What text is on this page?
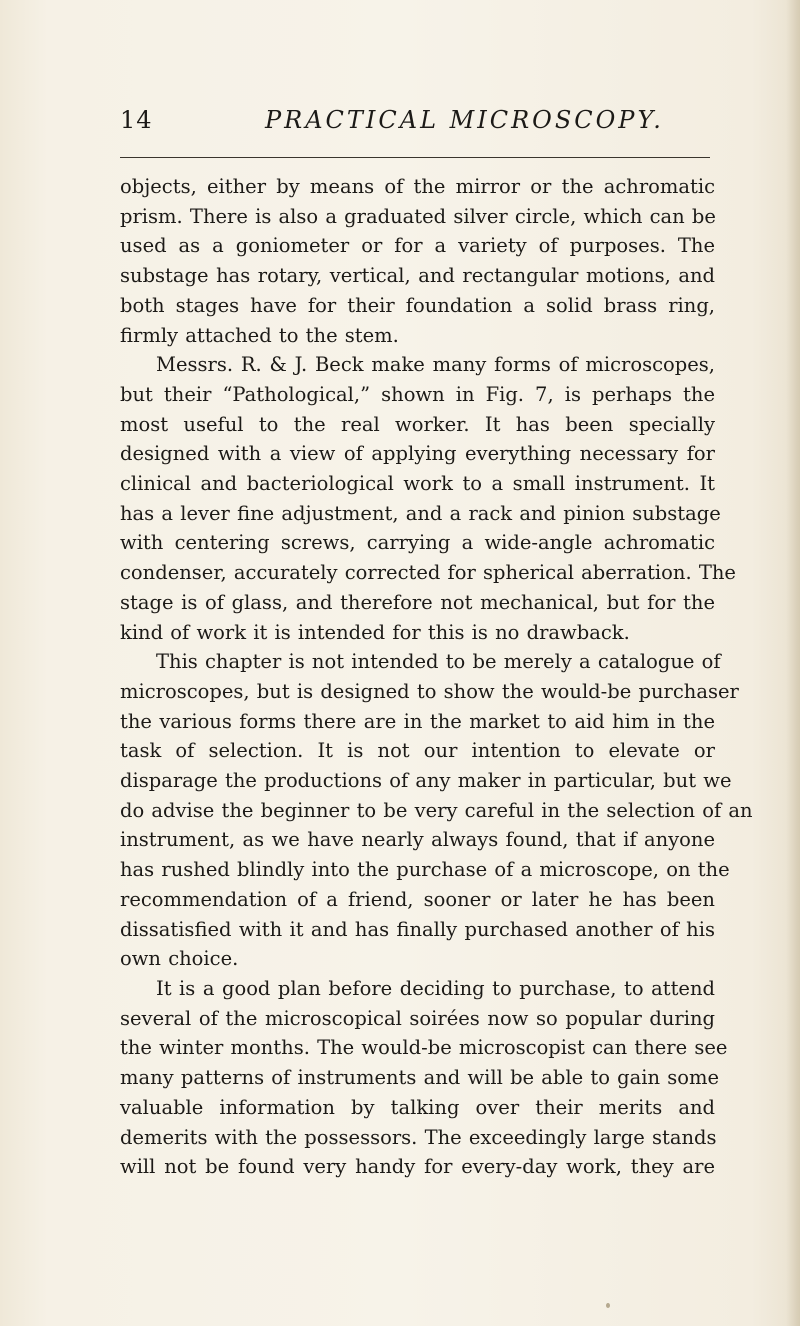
14	PRACTICAL MICROSCOPY.

objects, either by means of the mirror or the achromatic
prism. There is also a graduated silver circle, which can be
used as a goniometer or for a variety of purposes. The
substage has rotary, vertical, and rectangular motions, and
both stages have for their foundation a solid brass ring,
firmly attached to the stem.

Messrs. R. & J. Beck make many forms of microscopes,
but their “Pathological,” shown in Fig. 7, is perhaps the
most useful to the real worker. It has been specially
designed with a view of applying everything necessary for
clinical and bacteriological work to a small instrument. It
has a lever fine adjustment, and a rack and pinion substage
with centering screws, carrying a wide-angle achromatic
condenser, accurately corrected for spherical aberration. The
stage is of glass, and therefore not mechanical, but for the
kind of work it is intended for this is no drawback.

This chapter is not intended to be merely a catalogue of
microscopes, but is designed to show the would-be purchaser
the various forms there are in the market to aid him in the
task of selection. It is not our intention to elevate or
disparage the productions of any maker in particular, but we
do advise the beginner to be very careful in the selection of an
instrument, as we have nearly always found, that if anyone
has rushed blindly into the purchase of a microscope, on the
recommendation of a friend, sooner or later he has been
dissatisfied with it and has finally purchased another of his
own choice.

It is a good plan before deciding to purchase, to attend
several of the microscopical soirées now so popular during
the winter months. The would-be microscopist can there see
many patterns of instruments and will be able to gain some
valuable information by talking over their merits and
demerits with the possessors. The exceedingly large stands
will not be found very handy for every-day work, they are
